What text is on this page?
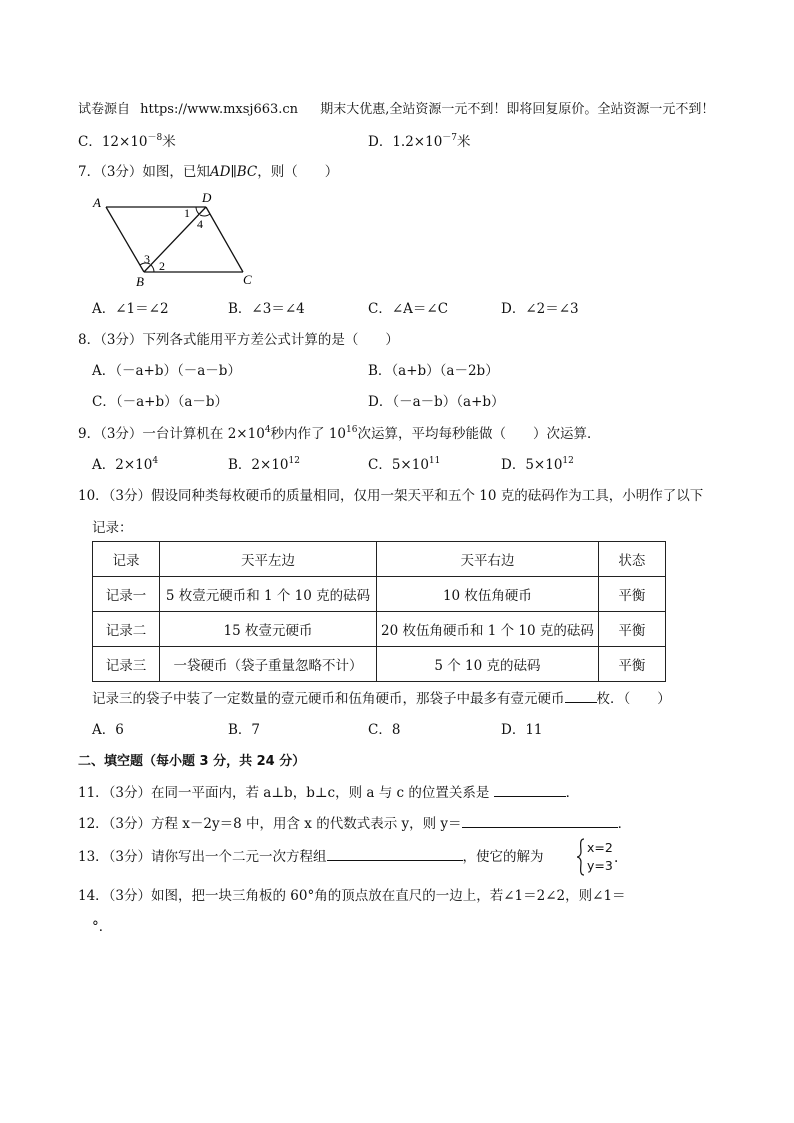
试卷源自 https://www.mxsj663.cn 期末大优惠,全站资源一元不到！即将回复原价。全站资源一元不到！
C．$12\times 10^{-8}$米	D．$1.2\times 10^{-7}$米
7．（3分）如图，已知AD∥BC，则（　　）
A	D
B	C
1
4
3 2
A．∠1＝∠2	B．∠3＝∠4	C．∠A＝∠C	D．∠2＝∠3
8．（3分）下列各式能用平方差公式计算的是（　　）
A．（－a+b）（－a－b）	B．（a+b）（a－2b）
C．（－a+b）（a－b）	D．（－a－b）（a+b）
9．（3分）一台计算机在 $2\times 10^4$秒内作了 $10^{16}$次运算，平均每秒能做（　　）次运算．
A．$2\times 10^4$	B．$2\times 10^{12}$	C．$5\times 10^{11}$	D．$5\times 10^{12}$
10．（3分）假设同种类每枚硬币的质量相同，仅用一架天平和五个 10 克的砝码作为工具，小明作了以下
记录：
记录	天平左边	天平右边	状态
记录一	5 枚壹元硬币和 1 个 10 克的砝码	10 枚伍角硬币	平衡
记录二	15 枚壹元硬币	20 枚伍角硬币和 1 个 10 克的砝码	平衡
记录三	一袋硬币（袋子重量忽略不计）	5 个 10 克的砝码	平衡
记录三的袋子中装了一定数量的壹元硬币和伍角硬币，那袋子中最多有壹元硬币 枚．（　　）
A．6	B．7	C．8	D．11
二、填空题（每小题 3 分，共 24 分）
11．（3分）在同一平面内，若 a⊥b，b⊥c，则 a 与 c 的位置关系是	．
12．（3分）方程 x－2y＝8 中，用含 x 的代数式表示 y，则 y＝	．
13．（3分）请你写出一个二元一次方程组	，使它的解为
x=2
y=3 .
14．（3分）如图，把一块三角板的 60°角的顶点放在直尺的一边上，若∠1＝2∠2，则∠1＝
°．
